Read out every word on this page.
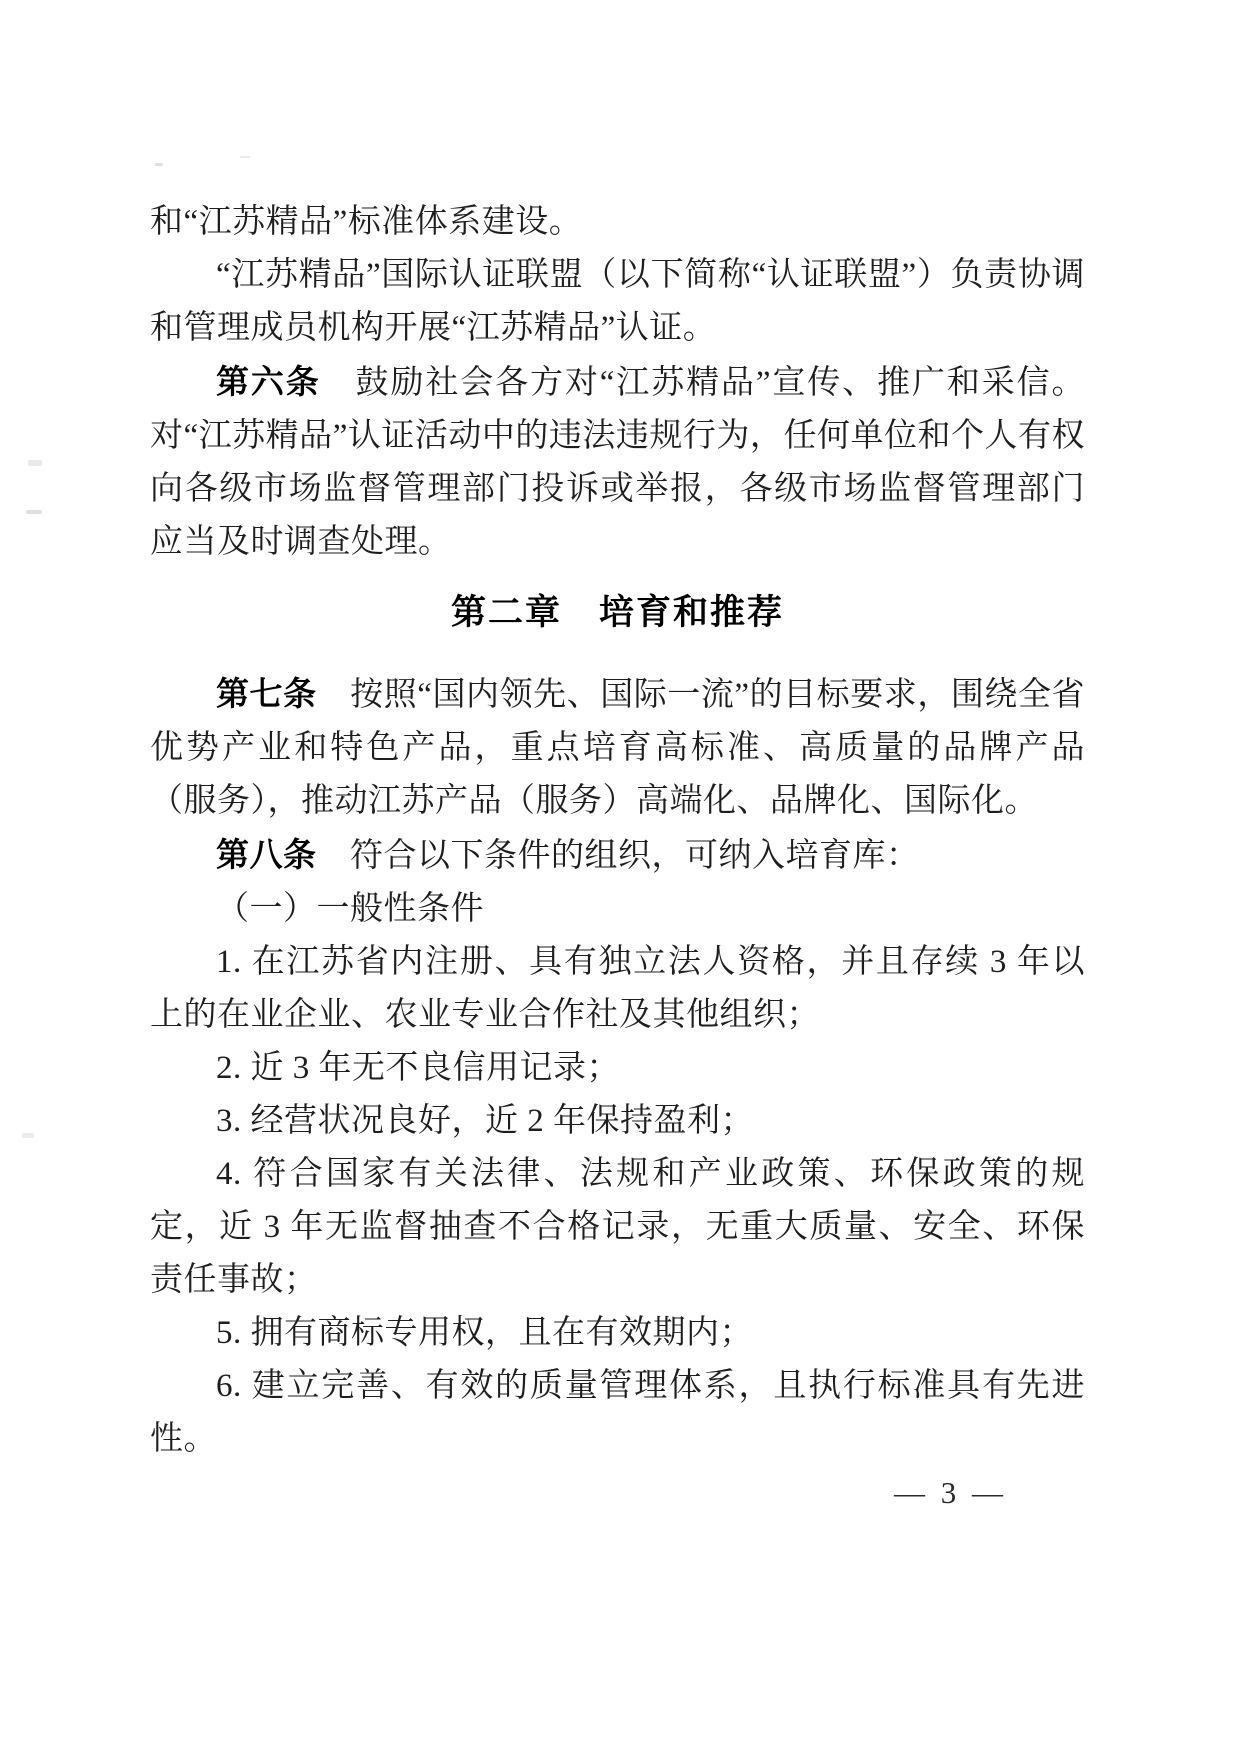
和“江苏精品”标准体系建设。

“江苏精品”国际认证联盟（以下简称“认证联盟”）负责协调和管理成员机构开展“江苏精品”认证。

第六条　鼓励社会各方对“江苏精品”宣传、推广和采信。对“江苏精品”认证活动中的违法违规行为，任何单位和个人有权向各级市场监督管理部门投诉或举报，各级市场监督管理部门应当及时调查处理。

第二章　培育和推荐

第七条　按照“国内领先、国际一流”的目标要求，围绕全省优势产业和特色产品，重点培育高标准、高质量的品牌产品（服务），推动江苏产品（服务）高端化、品牌化、国际化。

第八条　符合以下条件的组织，可纳入培育库：

（一）一般性条件

1. 在江苏省内注册、具有独立法人资格，并且存续 3 年以上的在业企业、农业专业合作社及其他组织；

2. 近 3 年无不良信用记录；

3. 经营状况良好，近 2 年保持盈利；

4. 符合国家有关法律、法规和产业政策、环保政策的规定，近 3 年无监督抽查不合格记录，无重大质量、安全、环保责任事故；

5. 拥有商标专用权，且在有效期内；

6. 建立完善、有效的质量管理体系，且执行标准具有先进性。

— 3 —
